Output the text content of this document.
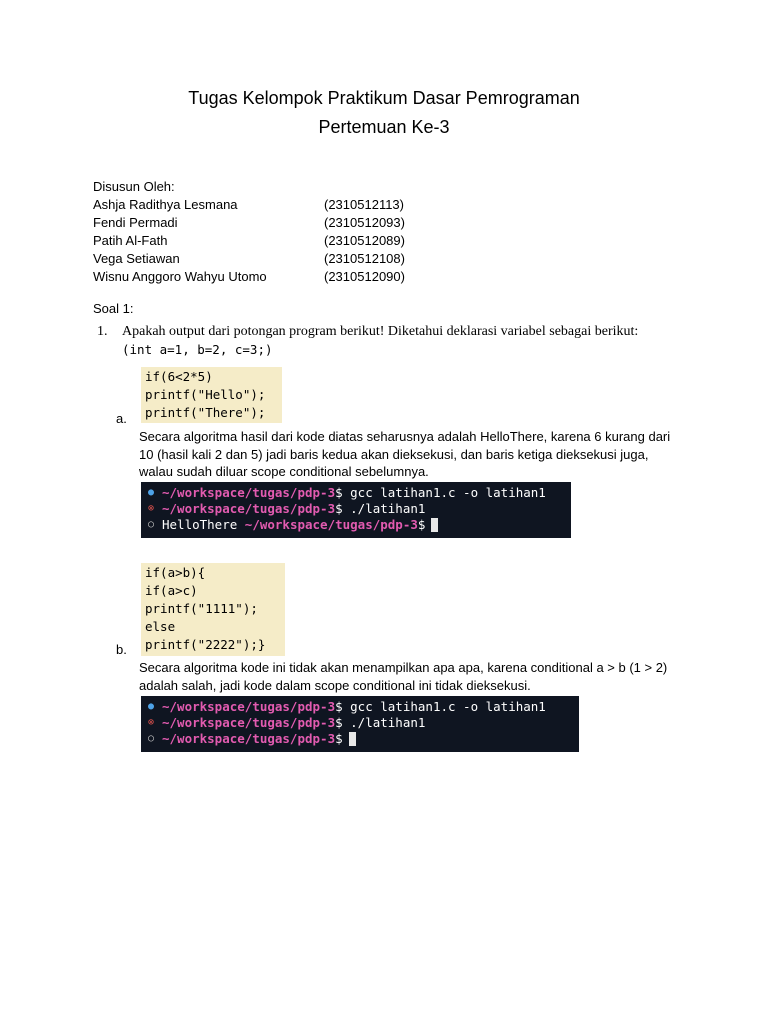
Tugas Kelompok Praktikum Dasar Pemrograman
Pertemuan Ke-3
Disusun Oleh:
Ashja Radithya Lesmana	(2310512113)
Fendi Permadi	(2310512093)
Patih Al-Fath	(2310512089)
Vega Setiawan	(2310512108)
Wisnu Anggoro Wahyu Utomo	(2310512090)
Soal 1:
1. Apakah output dari potongan program berikut! Diketahui deklarasi variabel sebagai berikut:
(int a=1, b=2, c=3;)
if(6<2*5)
printf("Hello");
printf("There");
a.
Secara algoritma hasil dari kode diatas seharusnya adalah HelloThere, karena 6 kurang dari 10 (hasil kali 2 dan 5) jadi baris kedua akan dieksekusi, dan baris ketiga dieksekusi juga, walau sudah diluar scope conditional sebelumnya.
● ~/workspace/tugas/pdp-3 $ gcc latihan1.c -o latihan1
⊗ ~/workspace/tugas/pdp-3 $ ./latihan1
○ HelloThere ~/workspace/tugas/pdp-3 $
if(a>b){
if(a>c)
printf("1111");
else
printf("2222");}
b.
Secara algoritma kode ini tidak akan menampilkan apa apa, karena conditional a > b (1 > 2) adalah salah, jadi kode dalam scope conditional ini tidak dieksekusi.
● ~/workspace/tugas/pdp-3 $ gcc latihan1.c -o latihan1
⊗ ~/workspace/tugas/pdp-3 $ ./latihan1
○ ~/workspace/tugas/pdp-3 $
